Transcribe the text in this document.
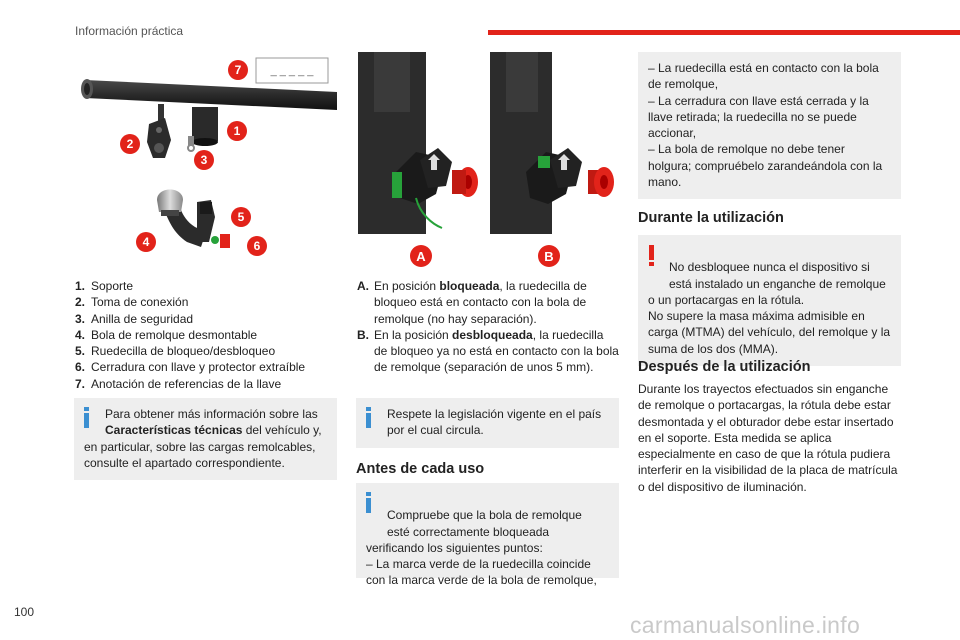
Información práctica
_ _ _ _ _
7
2
1
3
5
4	6
1. Soporte
2. Toma de conexión
3. Anilla de seguridad
4. Bola de remolque desmontable
5. Ruedecilla de bloqueo/desbloqueo
6. Cerradura con llave y protector extraíble
7. Anotación de referencias de la llave
Para obtener más información sobre las
Características técnicas del vehículo y, en particular, sobre las cargas remolcables, consulte el apartado correspondiente.
A	B
A. En posición bloqueada, la ruedecilla de bloqueo está en contacto con la bola de remolque (no hay separación).
B. En la posición desbloqueada, la ruedecilla de bloqueo ya no está en contacto con la bola de remolque (separación de unos 5 mm).
Respete la legislación vigente en el país por el cual circula.
Antes de cada uso

Compruebe que la bola de remolque
esté correctamente bloqueada
verificando los siguientes puntos:
– La marca verde de la ruedecilla coincide con la marca verde de la bola de remolque,

– La ruedecilla está en contacto con la bola de remolque,
– La cerradura con llave está cerrada y la llave retirada; la ruedecilla no se puede accionar,
– La bola de remolque no debe tener holgura; compruébelo zarandeándola con la mano.
Durante la utilización

No desbloquee nunca el dispositivo si
está instalado un enganche de remolque
o un portacargas en la rótula.
No supere la masa máxima admisible en carga (MTMA) del vehículo, del remolque y la suma de los dos (MMA).

Después de la utilización
Durante los trayectos efectuados sin enganche de remolque o portacargas, la rótula debe estar desmontada y el obturador debe estar insertado en el soporte. Esta medida se aplica especialmente en caso de que la rótula pudiera interferir en la visibilidad de la placa de matrícula o del dispositivo de iluminación.
100	carmanualsonline.info
